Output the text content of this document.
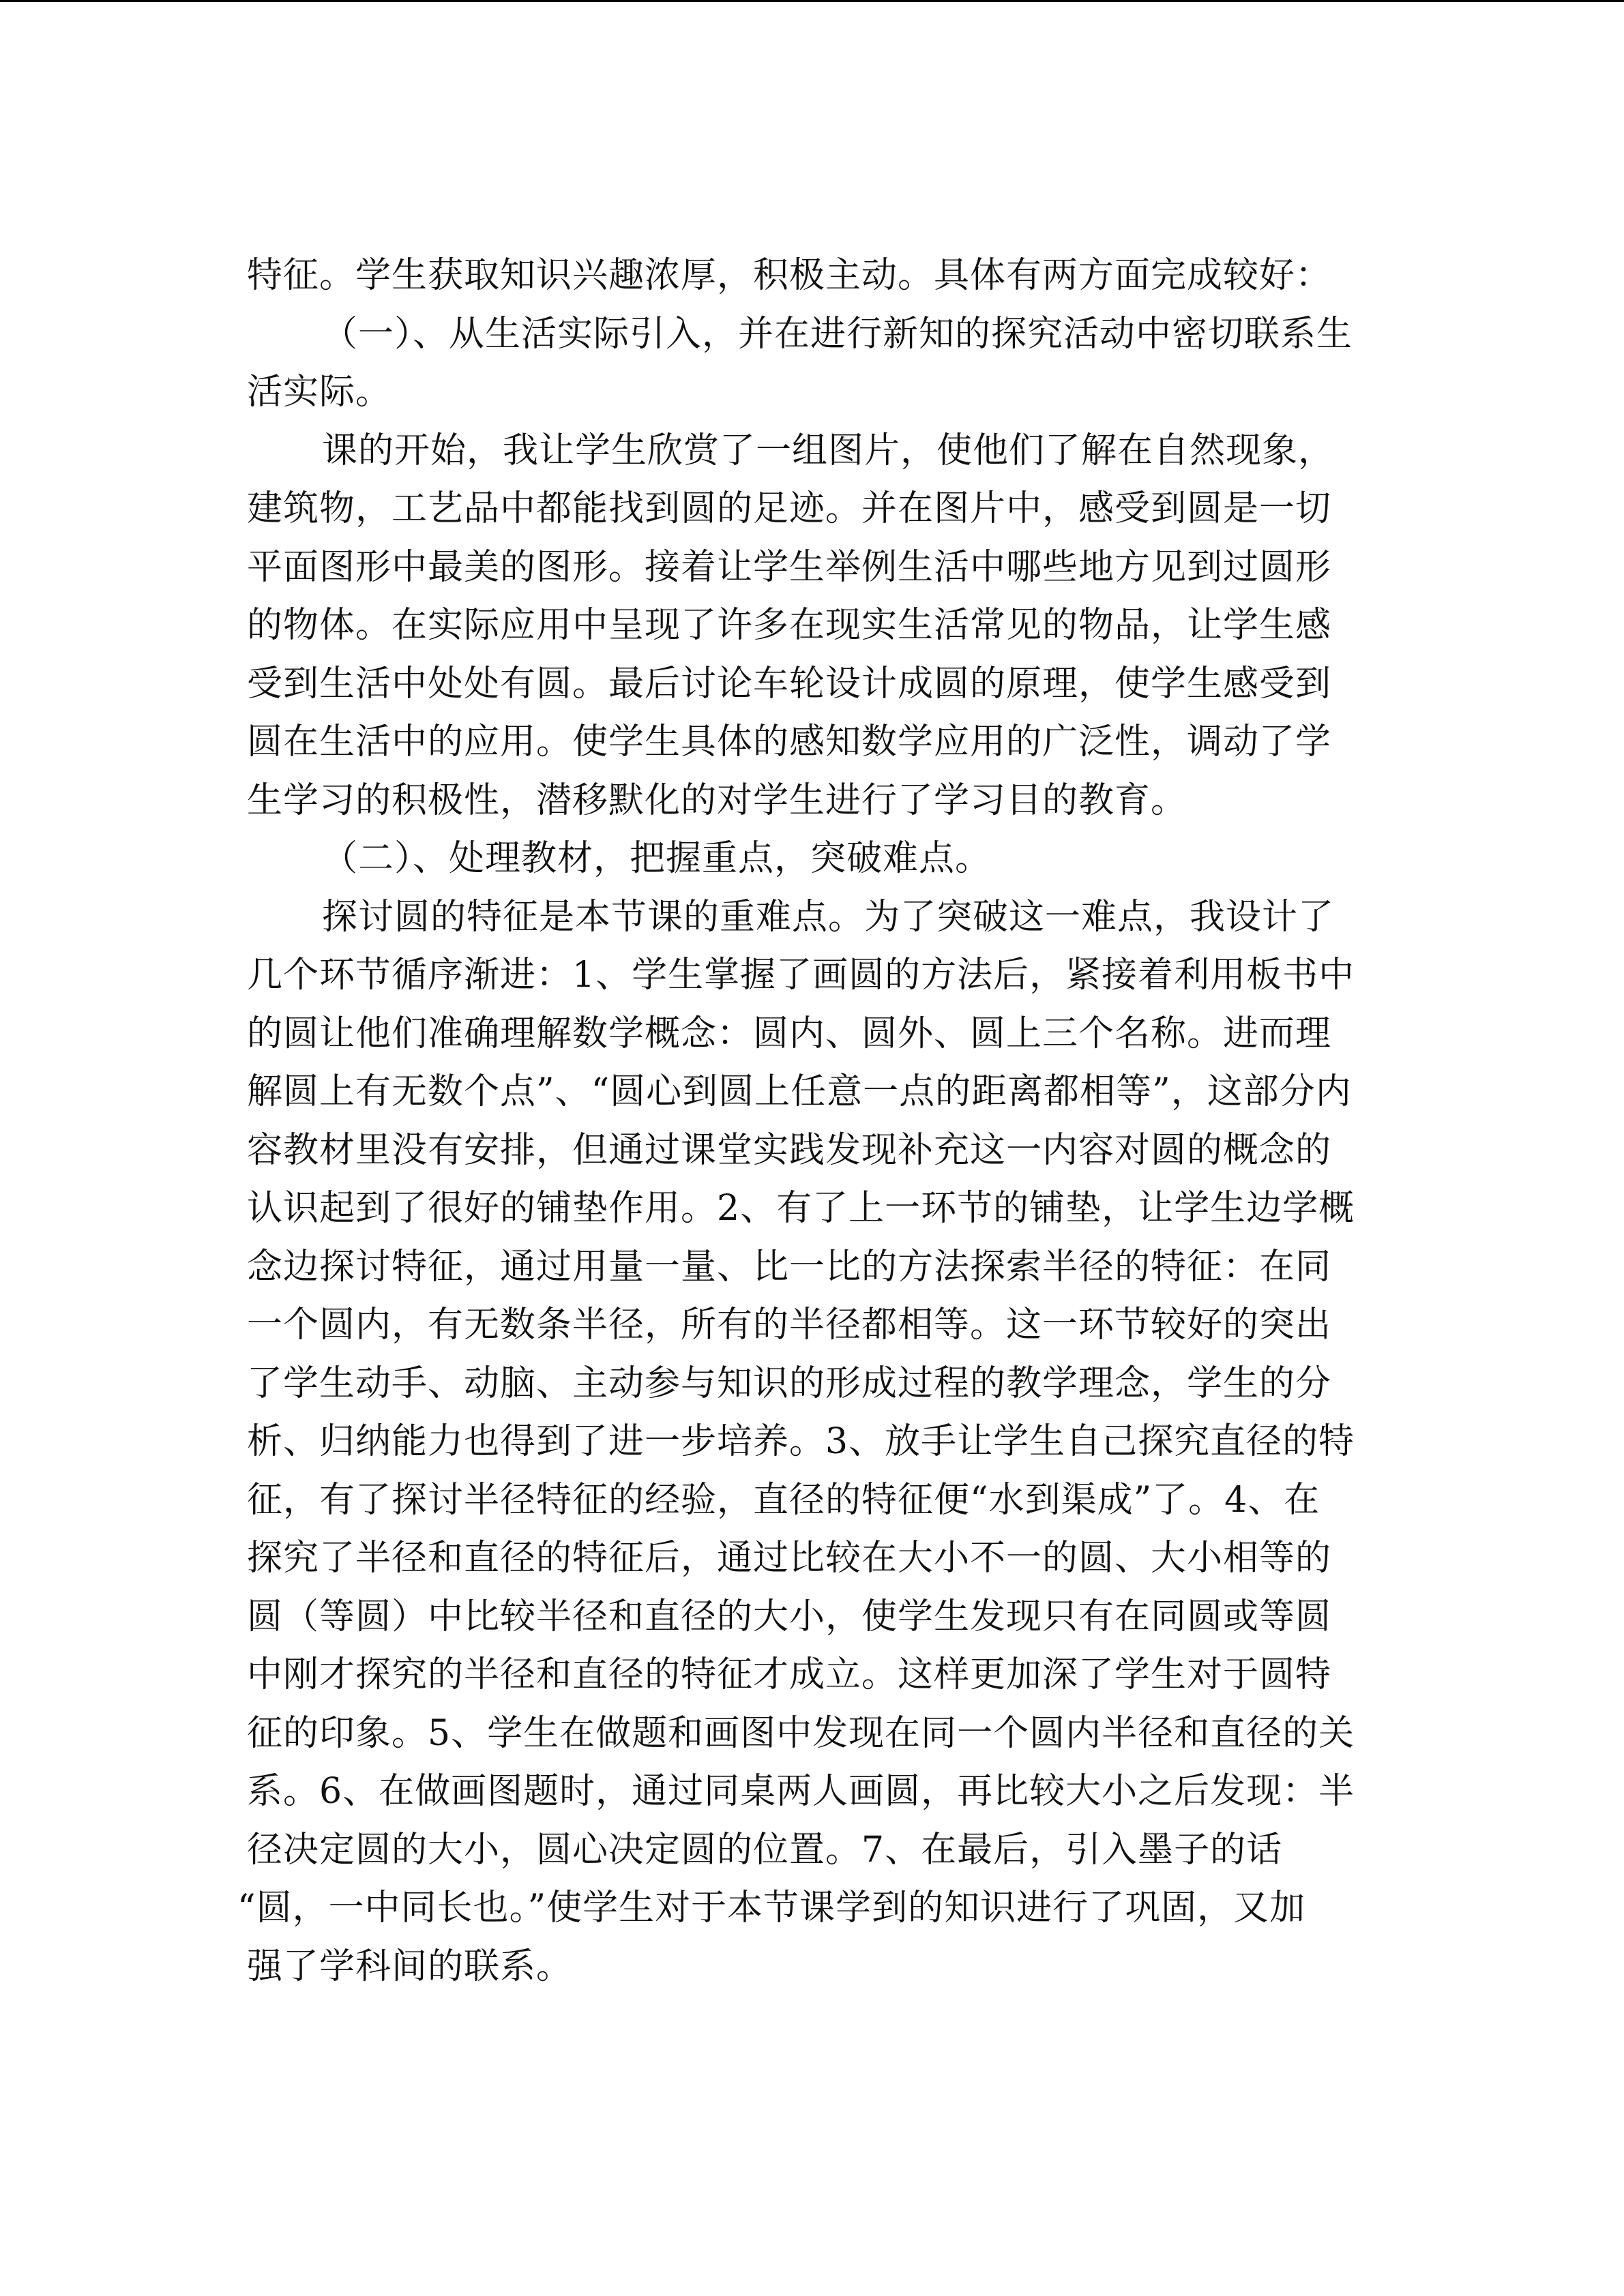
特征。学生获取知识兴趣浓厚，积极主动。具体有两方面完成较好：
（一）、从生活实际引入，并在进行新知的探究活动中密切联系生
活实际。
课的开始，我让学生欣赏了一组图片，使他们了解在自然现象，
建筑物，工艺品中都能找到圆的足迹。并在图片中，感受到圆是一切
平面图形中最美的图形。接着让学生举例生活中哪些地方见到过圆形
的物体。在实际应用中呈现了许多在现实生活常见的物品，让学生感
受到生活中处处有圆。最后讨论车轮设计成圆的原理，使学生感受到
圆在生活中的应用。使学生具体的感知数学应用的广泛性，调动了学
生学习的积极性，潜移默化的对学生进行了学习目的教育。
（二）、处理教材，把握重点，突破难点。
探讨圆的特征是本节课的重难点。为了突破这一难点，我设计了
几个环节循序渐进：1、学生掌握了画圆的方法后，紧接着利用板书中
的圆让他们准确理解数学概念：圆内、圆外、圆上三个名称。进而理
解圆上有无数个点”、“圆心到圆上任意一点的距离都相等”，这部分内
容教材里没有安排，但通过课堂实践发现补充这一内容对圆的概念的
认识起到了很好的铺垫作用。2、有了上一环节的铺垫，让学生边学概
念边探讨特征，通过用量一量、比一比的方法探索半径的特征：在同
一个圆内，有无数条半径，所有的半径都相等。这一环节较好的突出
了学生动手、动脑、主动参与知识的形成过程的教学理念，学生的分
析、归纳能力也得到了进一步培养。3、放手让学生自己探究直径的特
征，有了探讨半径特征的经验，直径的特征便“水到渠成”了。4、在
探究了半径和直径的特征后，通过比较在大小不一的圆、大小相等的
圆（等圆）中比较半径和直径的大小，使学生发现只有在同圆或等圆
中刚才探究的半径和直径的特征才成立。这样更加深了学生对于圆特
征的印象。5、学生在做题和画图中发现在同一个圆内半径和直径的关
系。6、在做画图题时，通过同桌两人画圆，再比较大小之后发现：半
径决定圆的大小，圆心决定圆的位置。7、在最后，引入墨子的话
“圆，一中同长也。”使学生对于本节课学到的知识进行了巩固，又加
强了学科间的联系。
